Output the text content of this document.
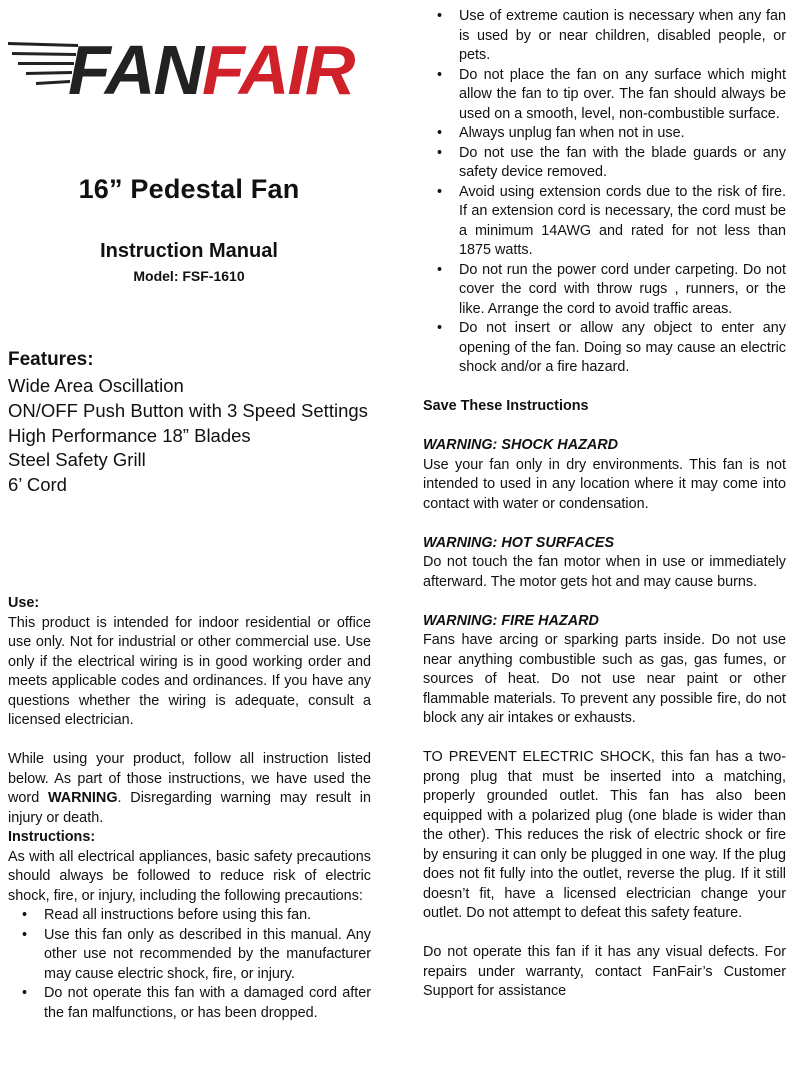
FANFAIR
16” Pedestal Fan
Instruction Manual
Model: FSF-1610
Features:
Wide Area Oscillation
ON/OFF Push Button with 3 Speed Settings
High Performance 18” Blades
Steel Safety Grill
6’ Cord
Use:

This product is intended for indoor residential or office use only. Not for industrial or other commercial use. Use only if the electrical wiring is in good working order and meets applicable codes and ordinances. If you have any questions whether the wiring is adequate, consult a licensed electrician.

While using your product, follow all instruction listed below. As part of those instructions, we have used the word WARNING. Disregarding warning may result in injury or death.

Instructions:

As with all electrical appliances, basic safety precautions should always be followed to reduce risk of electric shock, fire, or injury, including the following precautions:

• Read all instructions before using this fan.
• Use this fan only as described in this manual. Any other use not recommended by the manufacturer may cause electric shock, fire, or injury.
• Do not operate this fan with a damaged cord after the fan malfunctions, or has been dropped.
• Use of extreme caution is necessary when any fan is used by or near children, disabled people, or pets.
• Do not place the fan on any surface which might allow the fan to tip over. The fan should always be used on a smooth, level, non-combustible surface.
• Always unplug fan when not in use.
• Do not use the fan with the blade guards or any safety device removed.
• Avoid using extension cords due to the risk of fire. If an extension cord is necessary, the cord must be a minimum 14AWG and rated for not less than 1875 watts.
• Do not run the power cord under carpeting. Do not cover the cord with throw rugs , runners, or the like. Arrange the cord to avoid traffic areas.
• Do not insert or allow any object to enter any opening of the fan. Doing so may cause an electric shock and/or a fire hazard.
Save These Instructions
WARNING: SHOCK HAZARD

Use your fan only in dry environments. This fan is not intended to used in any location where it may come into contact with water or condensation.

WARNING: HOT SURFACES

Do not touch the fan motor when in use or immediately afterward. The motor gets hot and may cause burns.

WARNING: FIRE HAZARD

Fans have arcing or sparking parts inside. Do not use near anything combustible such as gas, gas fumes, or sources of heat. Do not use near paint or other flammable materials. To prevent any possible fire, do not block any air intakes or exhausts.

TO PREVENT ELECTRIC SHOCK, this fan has a two-prong plug that must be inserted into a matching, properly grounded outlet. This fan has also been equipped with a polarized plug (one blade is wider than the other). This reduces the risk of electric shock or fire by ensuring it can only be plugged in one way. If the plug does not fit fully into the outlet, reverse the plug. If it still doesn’t fit, have a licensed electrician change your outlet. Do not attempt to defeat this safety feature.

Do not operate this fan if it has any visual defects. For repairs under warranty, contact FanFair’s Customer Support for assistance
